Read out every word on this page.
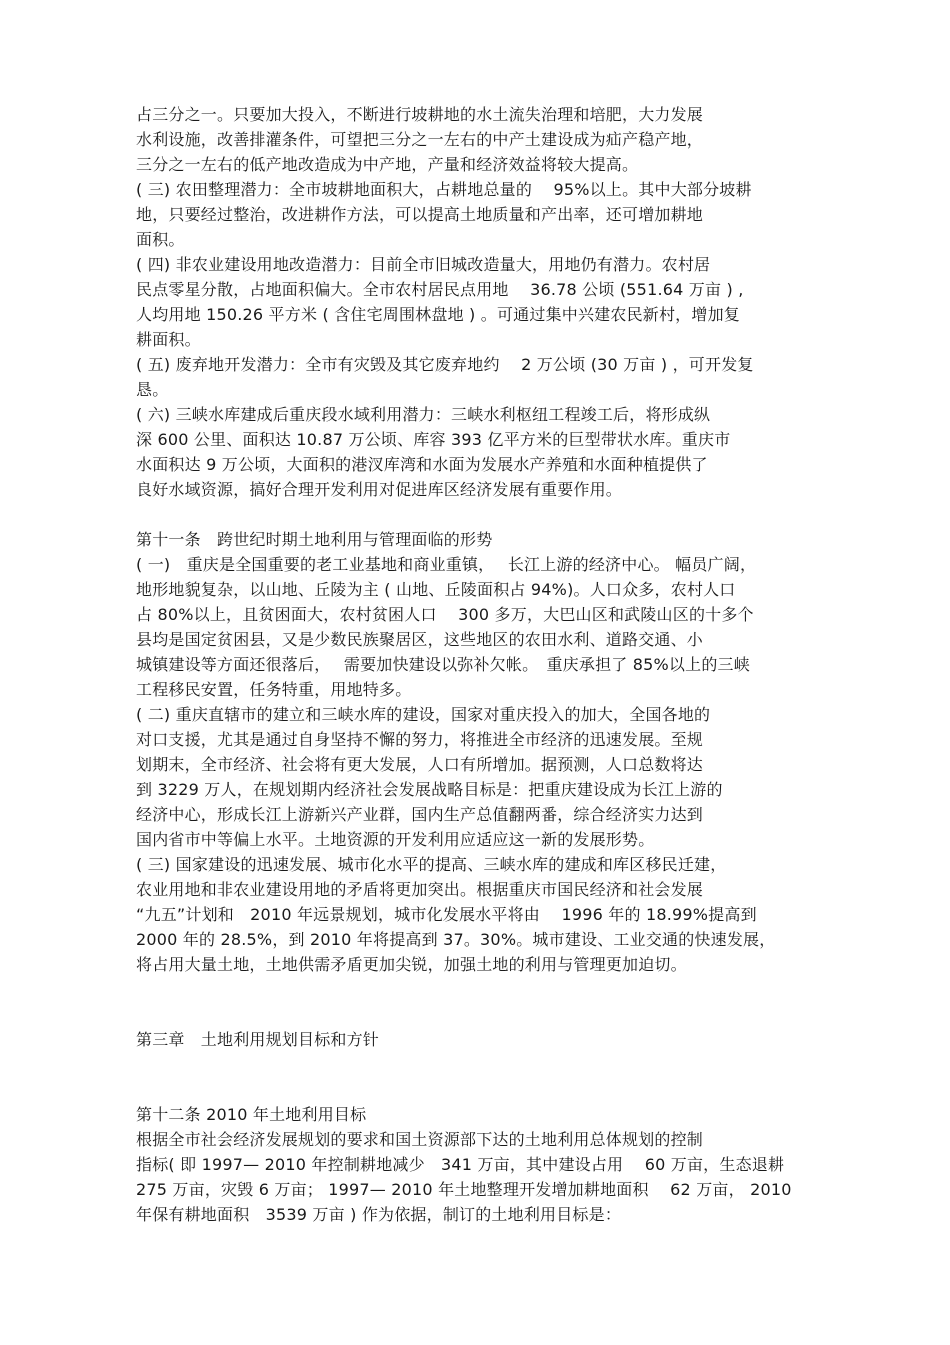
占三分之一。只要加大投入，不断进行坡耕地的水土流失治理和培肥，大力发展
水利设施，改善排灌条件，可望把三分之一左右的中产土建设成为疝产稳产地，
三分之一左右的低产地改造成为中产地，产量和经济效益将较大提高。
( 三) 农田整理潜力：全市坡耕地面积大，占耕地总量的　 95%以上。其中大部分坡耕
地，只要经过整治，改进耕作方法，可以提高土地质量和产出率，还可增加耕地
面积。
( 四) 非农业建设用地改造潜力：目前全市旧城改造量大，用地仍有潜力。农村居
民点零星分散，占地面积偏大。全市农村居民点用地　 36.78 公顷 (551.64 万亩 ) ,
人均用地 150.26 平方米 ( 含住宅周围林盘地 ) 。可通过集中兴建农民新村，增加复
耕面积。
( 五) 废弃地开发潜力：全市有灾毁及其它废弃地约　 2 万公顷 (30 万亩 ) ，可开发复
恳。
( 六) 三峡水库建成后重庆段水域利用潜力：三峡水利枢纽工程竣工后，将形成纵
深 600 公里、面积达 10.87 万公顷、库容 393 亿平方米的巨型带状水库。重庆市
水面积达 9 万公顷，大面积的港汊库湾和水面为发展水产养殖和水面种植提供了
良好水域资源，搞好合理开发利用对促进库区经济发展有重要作用。
第十一条　跨世纪时期土地利用与管理面临的形势
( 一)　重庆是全国重要的老工业基地和商业重镇，　 长江上游的经济中心。 幅员广阔，
地形地貌复杂，以山地、丘陵为主 ( 山地、丘陵面积占 94%)。人口众多，农村人口
占 80%以上，且贫困面大，农村贫困人口　 300 多万，大巴山区和武陵山区的十多个
县均是国定贫困县，又是少数民族聚居区，这些地区的农田水利、道路交通、小
城镇建设等方面还很落后，　 需要加快建设以弥补欠帐。　重庆承担了 85%以上的三峡
工程移民安置，任务特重，用地特多。
( 二) 重庆直辖市的建立和三峡水库的建设，国家对重庆投入的加大，全国各地的
对口支援，尤其是通过自身坚持不懈的努力，将推进全市经济的迅速发展。至规
划期末，全市经济、社会将有更大发展，人口有所增加。据预测，人口总数将达
到 3229 万人，在规划期内经济社会发展战略目标是：把重庆建设成为长江上游的
经济中心，形成长江上游新兴产业群，国内生产总值翻两番，综合经济实力达到
国内省市中等偏上水平。土地资源的开发利用应适应这一新的发展形势。
( 三) 国家建设的迅速发展、城市化水平的提高、三峡水库的建成和库区移民迁建，
农业用地和非农业建设用地的矛盾将更加突出。根据重庆市国民经济和社会发展
“九五”计划和　2010 年远景规划，城市化发展水平将由　 1996 年的 18.99%提高到
2000 年的 28.5%，到 2010 年将提高到 37。30%。城市建设、工业交通的快速发展，
将占用大量土地，土地供需矛盾更加尖锐，加强土地的利用与管理更加迫切。
第三章　土地利用规划目标和方针
第十二条 2010 年土地利用目标
根据全市社会经济发展规划的要求和国土资源部下达的土地利用总体规划的控制
指标( 即 1997— 2010 年控制耕地减少　341 万亩，其中建设占用　 60 万亩，生态退耕
275 万亩，灾毁 6 万亩； 1997— 2010 年土地整理开发增加耕地面积　 62 万亩， 2010
年保有耕地面积　3539 万亩 ) 作为依据，制订的土地利用目标是：
